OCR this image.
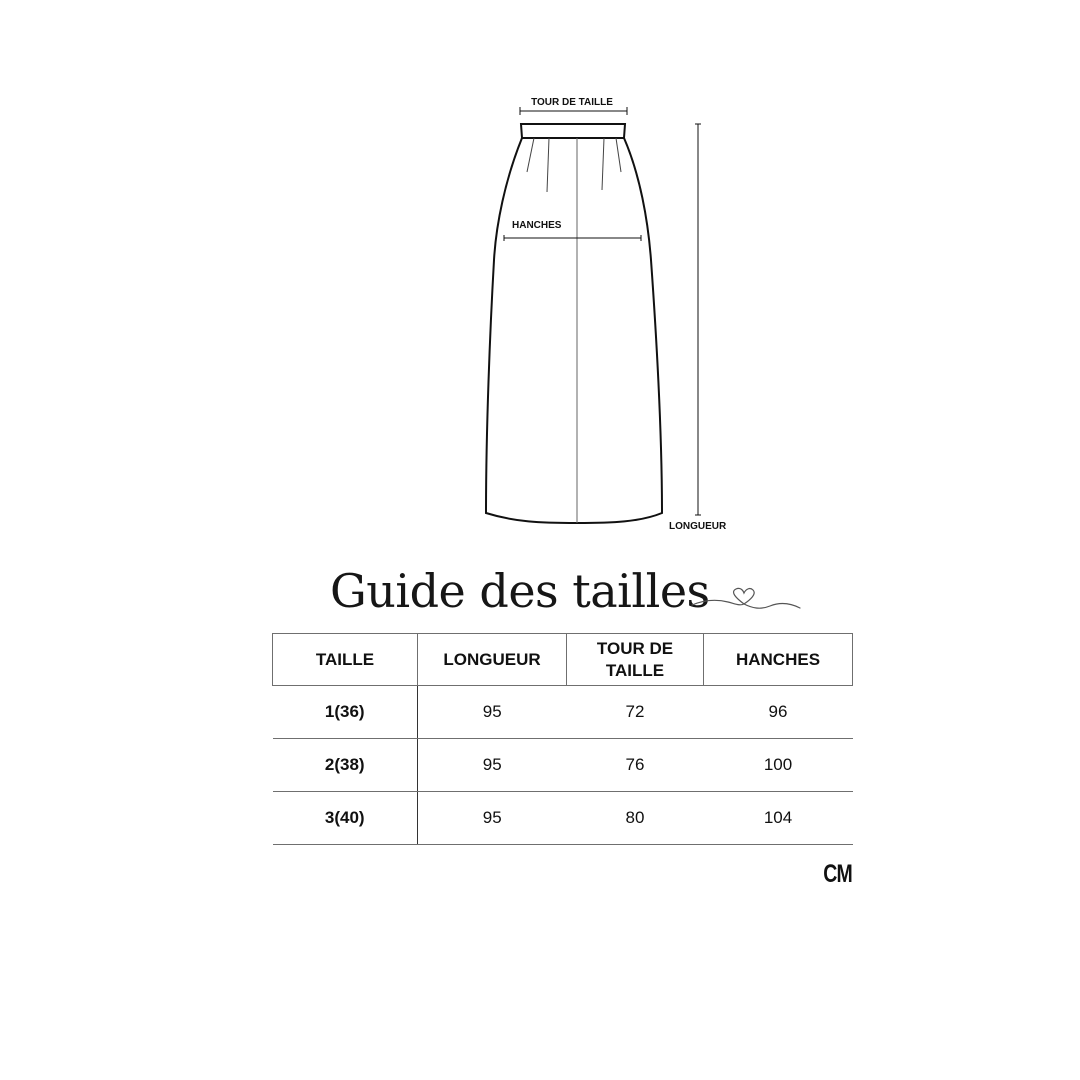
TOUR DE TAILLE
HANCHES
LONGUEUR
Guide des tailles
TAILLE	LONGUEUR	TOUR DE TAILLE	HANCHES
1(36)	95	72	96
2(38)	95	76	100
3(40)	95	80	104
CM
